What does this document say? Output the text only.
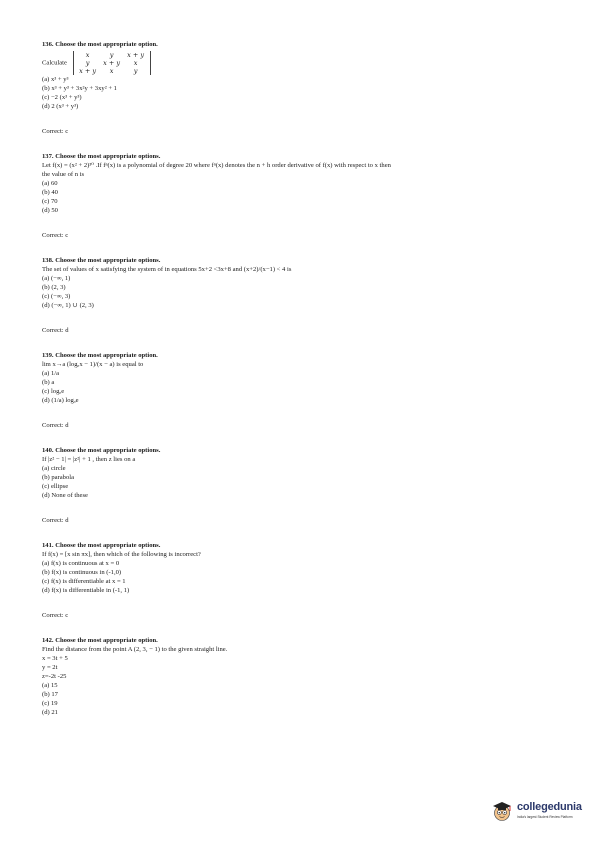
136. Choose the most appropriate option.
Calculate
x	y	x + y
y	x + y	x
x + y	x	y
(a) x³ + y³
(b) x³ + y³ + 3x²y + 3xy² + 1
(c) −2 (x³ + y³)
(d) 2 (x³ + y³)
Correct: c
137. Choose the most appropriate options.
Let f(x) = (x² + 2)³⁰ .If fⁿ(x) is a polynomial of degree 20 where fⁿ(x) denotes the n + h order derivative of f(x) with respect to x then
the value of n is
(a) 60
(b) 40
(c) 70
(d) 50
Correct: c
138. Choose the most appropriate options.
The set of values of x satisfying the system of in equations 5x+2 <3x+8 and (x+2)/(x−1) < 4 is
(a) (−∞, 1)
(b) (2, 3)
(c) (−∞, 3)
(d) (−∞, 1) ∪ (2, 3)
Correct: d
139. Choose the most appropriate option.
lim x→a (logₐx − 1)/(x − a) is equal to
(a) 1/a
(b) a
(c) logₐe
(d) (1/a) logₐe
Correct: d
140. Choose the most appropriate options.
If |z² − 1| = |z²| + 1 , then z lies on a
(a) circle
(b) parabola
(c) ellipse
(d) None of these
Correct: d
141. Choose the most appropriate options.
If f(x) = [x sin πx], then which of the following is incorrect?
(a) f(x) is continuous at x = 0
(b) f(x) is continuous in (-1,0)
(c) f(x) is differentiable at x = 1
(d) f(x) is differentiable in (-1, 1)
Correct: c
142. Choose the most appropriate option.
Find the distance from the point A (2, 3, − 1) to the given straight line.
x = 3t + 5
y = 2t
z=-2t -25
(a) 15
(b) 17
(c) 19
(d) 21
collegedunia
India's largest Student Review Platform
